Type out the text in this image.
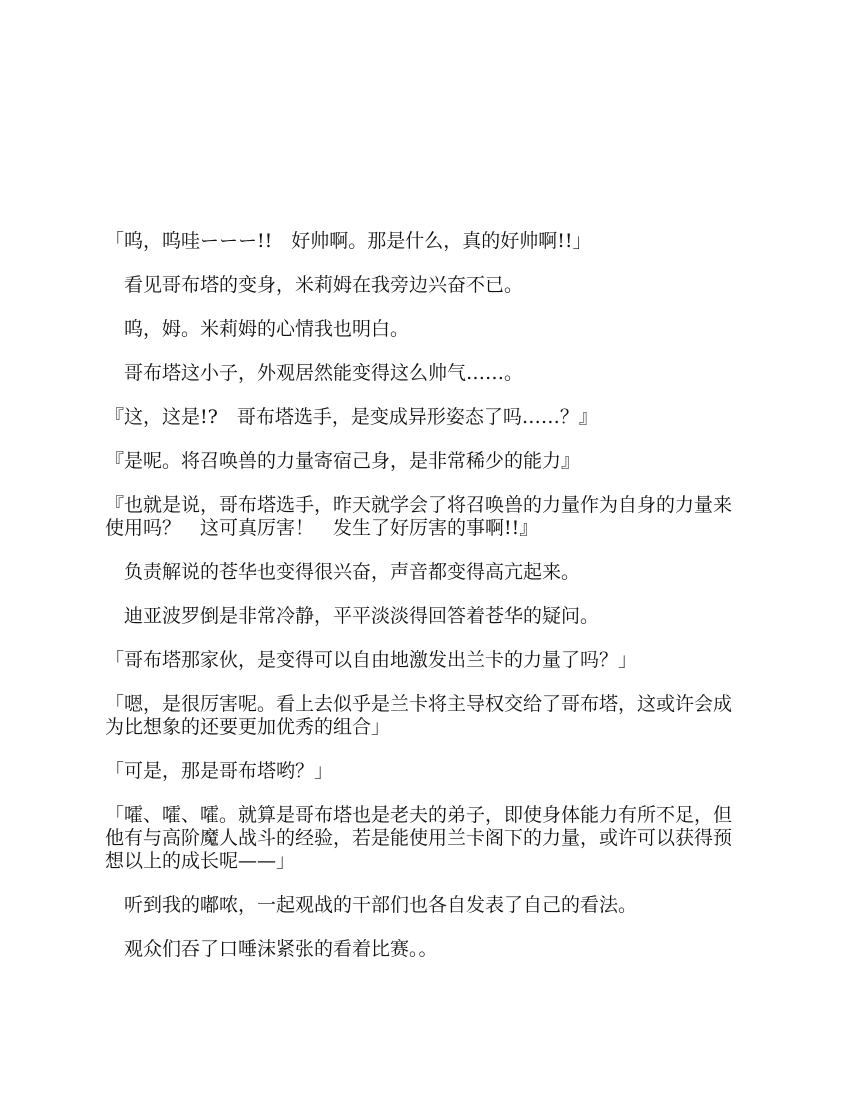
「呜，呜哇ーーー!!　好帅啊。那是什么，真的好帅啊!!」

　看见哥布塔的变身，米莉姆在我旁边兴奋不已。

　呜，姆。米莉姆的心情我也明白。

　哥布塔这小子，外观居然能变得这么帅气……。

『这，这是!?　哥布塔选手，是变成异形姿态了吗……？』

『是呢。将召唤兽的力量寄宿己身，是非常稀少的能力』

『也就是说，哥布塔选手，昨天就学会了将召唤兽的力量作为自身的力量来使用吗？　这可真厉害！　发生了好厉害的事啊!!』

　负责解说的苍华也变得很兴奋，声音都变得高亢起来。

　迪亚波罗倒是非常冷静，平平淡淡得回答着苍华的疑问。

「哥布塔那家伙，是变得可以自由地激发出兰卡的力量了吗？」

「嗯，是很厉害呢。看上去似乎是兰卡将主导权交给了哥布塔，这或许会成为比想象的还要更加优秀的组合」

「可是，那是哥布塔哟？」

「嚯、嚯、嚯。就算是哥布塔也是老夫的弟子，即使身体能力有所不足，但他有与高阶魔人战斗的经验，若是能使用兰卡阁下的力量，或许可以获得预想以上的成长呢——」

　听到我的嘟哝，一起观战的干部们也各自发表了自己的看法。

　观众们吞了口唾沫紧张的看着比赛。。
